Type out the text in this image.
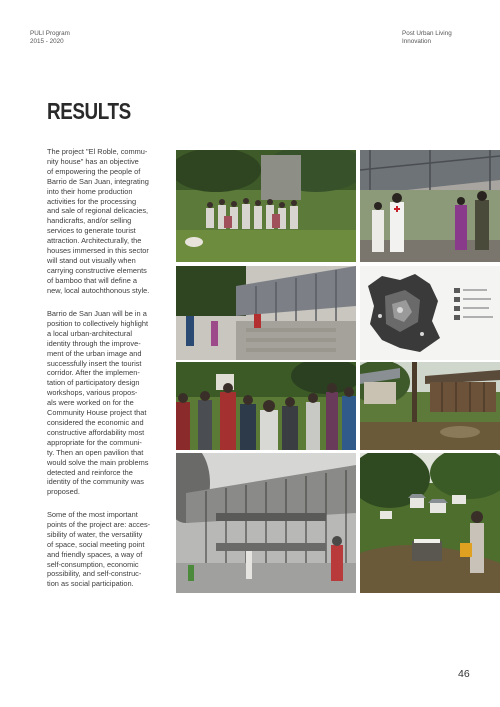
PULI Program
2015 - 2020
Post Urban Living
Innovation
RESULTS
The project "El Roble, commu-
nity house" has an objective
of empowering the people of
Barrio de San Juan, integrating
into their home production
activities for the processing
and sale of regional delicacies,
handicrafts, and/or selling
services to generate tourist
attraction. Architecturally, the
houses immersed in this sector
will stand out visually when
carrying constructive elements
of bamboo that will define a
new, local autochthonous style.
Barrio de San Juan will be in a
position to collectively highlight
a local urban-architectural
identity through the improve-
ment of the urban image and
successfully insert the tourist
corridor. After the implemen-
tation of participatory design
workshops, various propos-
als were worked on for the
Community House project that
considered the economic and
constructive affordability most
appropriate for the communi-
ty. Then an open pavilion that
would solve the main problems
detected and reinforce the
identity of the community was
proposed.
Some of the most important
points of the project are: acces-
sibility of water, the versatility
of space, social meeting point
and friendly spaces, a way of
self-consumption, economic
possibility, and self-construc-
tion as social participation.
46
